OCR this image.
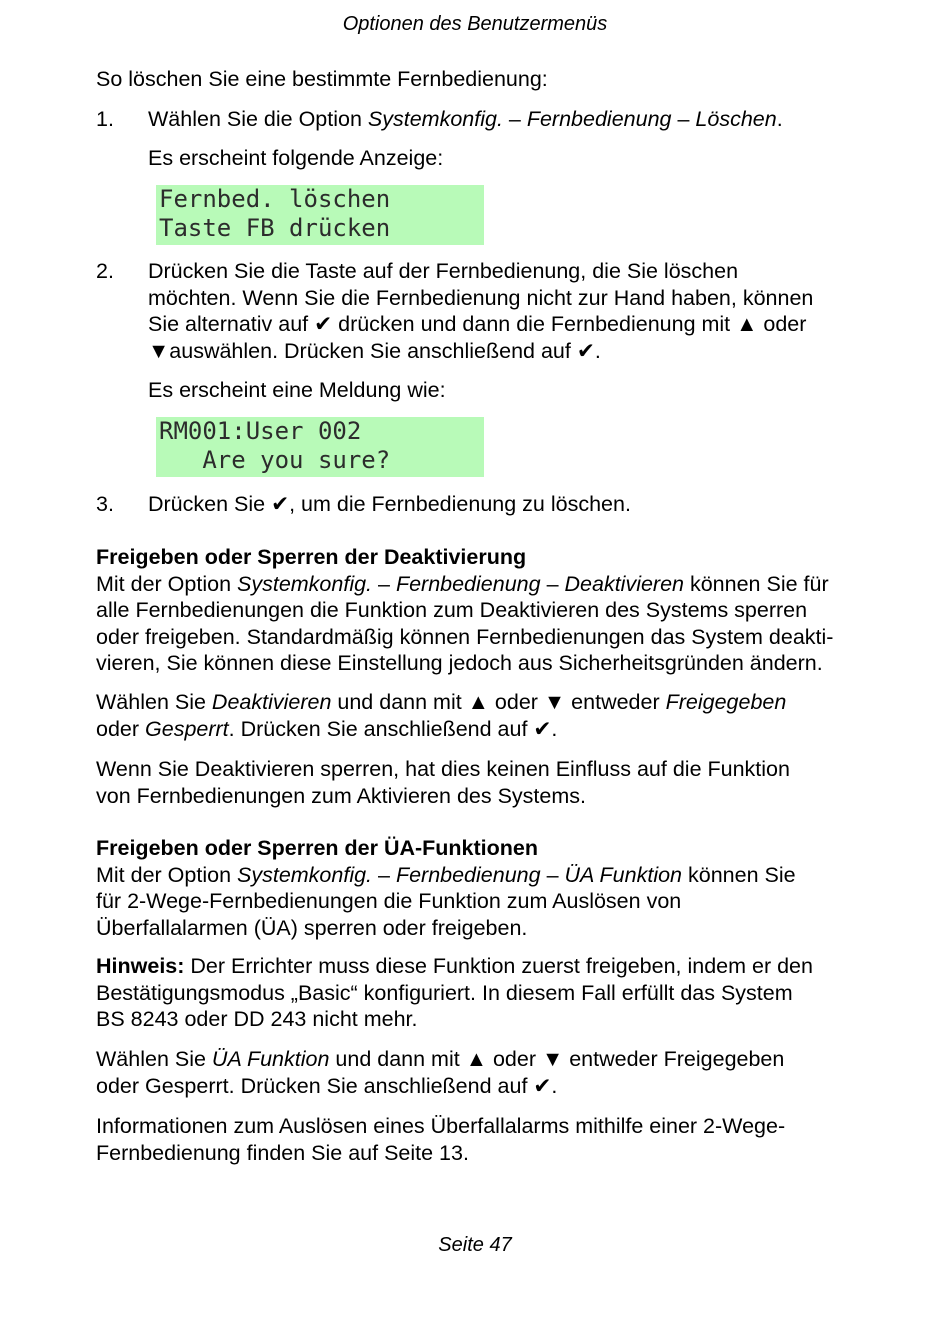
Optionen des Benutzermenüs
So löschen Sie eine bestimmte Fernbedienung:
1. Wählen Sie die Option Systemkonfig. – Fernbedienung – Löschen.
Es erscheint folgende Anzeige:
Fernbed. löschen
Taste FB drücken
2. Drücken Sie die Taste auf der Fernbedienung, die Sie löschen
möchten. Wenn Sie die Fernbedienung nicht zur Hand haben, können
Sie alternativ auf ✔ drücken und dann die Fernbedienung mit ▲ oder
▼auswählen. Drücken Sie anschließend auf ✔.
Es erscheint eine Meldung wie:
RM001:User 002
Are you sure?
3. Drücken Sie ✔, um die Fernbedienung zu löschen.
Freigeben oder Sperren der Deaktivierung
Mit der Option Systemkonfig. – Fernbedienung – Deaktivieren können Sie für
alle Fernbedienungen die Funktion zum Deaktivieren des Systems sperren
oder freigeben. Standardmäßig können Fernbedienungen das System deakti-
vieren, Sie können diese Einstellung jedoch aus Sicherheitsgründen ändern.
Wählen Sie Deaktivieren und dann mit ▲ oder ▼ entweder Freigegeben
oder Gesperrt. Drücken Sie anschließend auf ✔.
Wenn Sie Deaktivieren sperren, hat dies keinen Einfluss auf die Funktion
von Fernbedienungen zum Aktivieren des Systems.
Freigeben oder Sperren der ÜA-Funktionen
Mit der Option Systemkonfig. – Fernbedienung – ÜA Funktion können Sie
für 2-Wege-Fernbedienungen die Funktion zum Auslösen von
Überfallalarmen (ÜA) sperren oder freigeben.
Hinweis: Der Errichter muss diese Funktion zuerst freigeben, indem er den
Bestätigungsmodus „Basic“ konfiguriert. In diesem Fall erfüllt das System
BS 8243 oder DD 243 nicht mehr.
Wählen Sie ÜA Funktion und dann mit ▲ oder ▼ entweder Freigegeben
oder Gesperrt. Drücken Sie anschließend auf ✔.
Informationen zum Auslösen eines Überfallalarms mithilfe einer 2-Wege-
Fernbedienung finden Sie auf Seite 13.
Seite 47
